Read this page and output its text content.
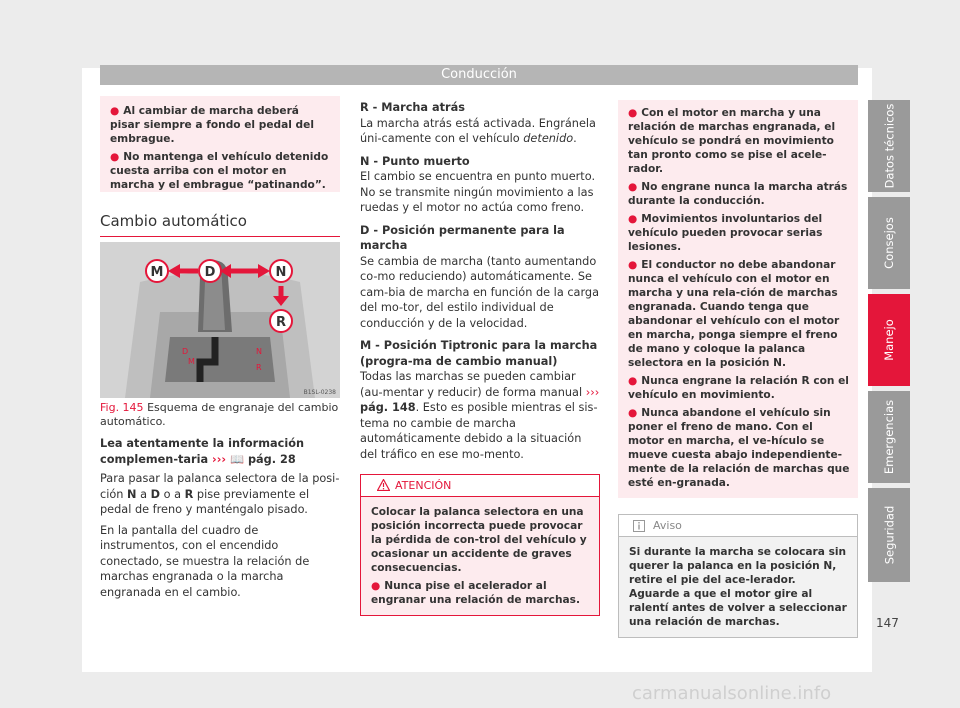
Conducción
● Al cambiar de marcha deberá pisar siempre a fondo el pedal del embrague.
● No mantenga el vehículo detenido cuesta arriba con el motor en marcha y el embrague “patinando”.
Cambio automático
D
M
N
R
M	D	N
R
B1SL-0238
Fig. 145 Esquema de engranaje del cambio automático.

Lea atentamente la información complemen-taria ››› 📖 pág. 28

Para pasar la palanca selectora de la posi-ción N a D o a R pise previamente el pedal de freno y manténgalo pisado.

En la pantalla del cuadro de instrumentos, con el encendido conectado, se muestra la relación de marchas engranada o la marcha engranada en el cambio.

R - Marcha atrás

La marcha atrás está activada. Engránela úni-camente con el vehículo detenido.

N - Punto muerto

El cambio se encuentra en punto muerto. No se transmite ningún movimiento a las ruedas y el motor no actúa como freno.

D - Posición permanente para la marcha

Se cambia de marcha (tanto aumentando co-mo reduciendo) automáticamente. Se cam-bia de marcha en función de la carga del mo-tor, del estilo individual de conducción y de la velocidad.

M - Posición Tiptronic para la marcha (progra-ma de cambio manual)

Todas las marchas se pueden cambiar (au-mentar y reducir) de forma manual ››› pág. 148. Esto es posible mientras el sis-tema no cambie de marcha automáticamente debido a la situación del tráfico en ese mo-mento.

ATENCIÓN

Colocar la palanca selectora en una posición incorrecta puede provocar la pérdida de con-trol del vehículo y ocasionar un accidente de graves consecuencias.

● Nunca pise el acelerador al engranar una relación de marchas.

● Con el motor en marcha y una relación de marchas engranada, el vehículo se pondrá en movimiento tan pronto como se pise el acele-rador.
● No engrane nunca la marcha atrás durante la conducción.
● Movimientos involuntarios del vehículo pueden provocar serias lesiones.
● El conductor no debe abandonar nunca el vehículo con el motor en marcha y una rela-ción de marchas engranada. Cuando tenga que abandonar el vehículo con el motor en marcha, ponga siempre el freno de mano y coloque la palanca selectora en la posición N.
● Nunca engrane la relación R con el vehículo en movimiento.
● Nunca abandone el vehículo sin poner el freno de mano. Con el motor en marcha, el ve-hículo se mueve cuesta abajo independiente-mente de la relación de marchas que esté en-granada.
Aviso
Si durante la marcha se colocara sin querer la palanca en la posición N, retire el pie del ace-lerador. Aguarde a que el motor gire al ralentí antes de volver a seleccionar una relación de marchas.
Datos técnicos
Consejos
Manejo
Emergencias
Seguridad
147
carmanualsonline.info
